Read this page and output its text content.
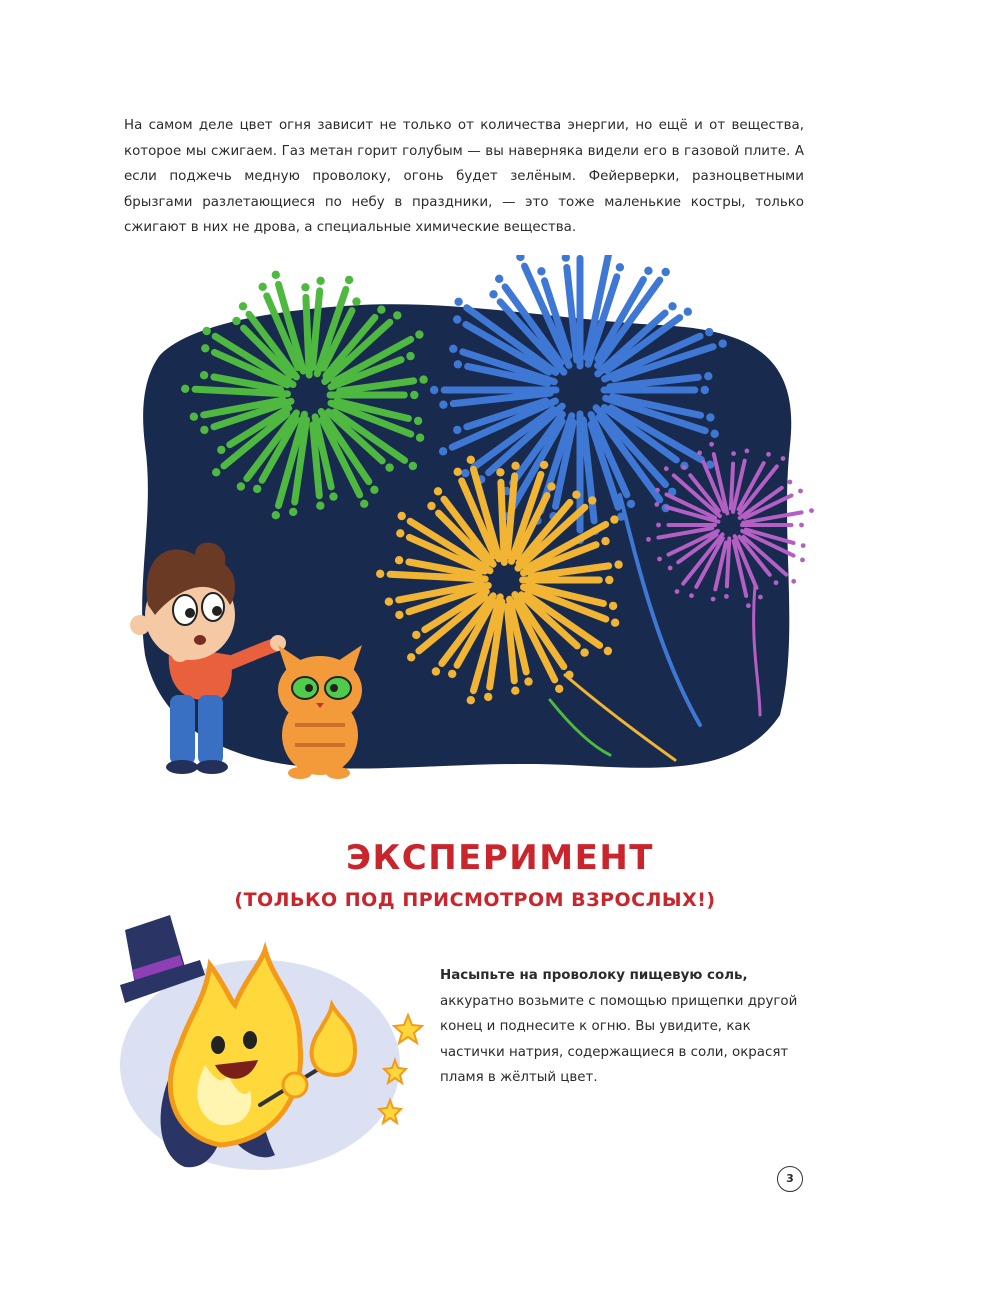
На самом деле цвет огня зависит не только от количества энергии, но ещё и от вещества, которое мы сжигаем. Газ метан горит голубым — вы наверняка видели его в газовой плите. А если поджечь медную проволоку, огонь будет зелёным. Фейерверки, разноцветными брызгами разлетающиеся по небу в праздники, — это тоже маленькие костры, только сжигают в них не дрова, а специальные химические вещества.

ЭКСПЕРИМЕНТ
(ТОЛЬКО ПОД ПРИСМОТРОМ ВЗРОСЛЫХ!)

Насыпьте на проволоку пищевую соль, аккуратно возьмите с помощью прищепки другой конец и поднесите к огню. Вы увидите, как частички натрия, содержащиеся в соли, окрасят пламя в жёлтый цвет.

3
